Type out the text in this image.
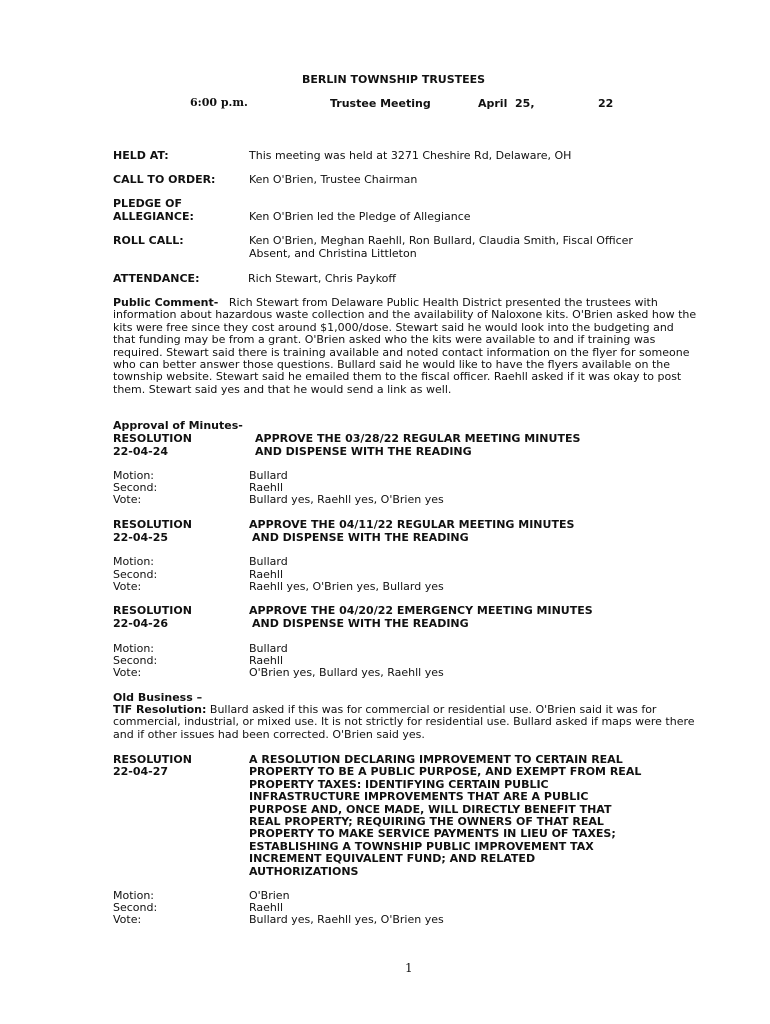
BERLIN TOWNSHIP TRUSTEES
6:00 p.m.	Trustee Meeting	April  25,	22
HELD AT:	This meeting was held at 3271 Cheshire Rd, Delaware, OH
CALL TO ORDER:	Ken O'Brien, Trustee Chairman
PLEDGE OF
ALLEGIANCE:	Ken O'Brien led the Pledge of Allegiance
ROLL CALL:	Ken O'Brien, Meghan Raehll, Ron Bullard, Claudia Smith, Fiscal Officer
Absent, and Christina Littleton
ATTENDANCE:	Rich Stewart, Chris Paykoff
Public Comment-   Rich Stewart from Delaware Public Health District presented the trustees with information about hazardous waste collection and the availability of Naloxone kits. O'Brien asked how the kits were free since they cost around $1,000/dose. Stewart said he would look into the budgeting and that funding may be from a grant. O'Brien asked who the kits were available to and if training was required. Stewart said there is training available and noted contact information on the flyer for someone who can better answer those questions. Bullard said he would like to have the flyers available on the township website. Stewart said he emailed them to the fiscal officer. Raehll asked if it was okay to post them. Stewart said yes and that he would send a link as well.
Approval of Minutes-
RESOLUTION	APPROVE THE 03/28/22 REGULAR MEETING MINUTES
22-04-24	AND DISPENSE WITH THE READING
Motion:	Bullard
Second:	Raehll
Vote:	Bullard yes, Raehll yes, O'Brien yes
RESOLUTION	APPROVE THE 04/11/22 REGULAR MEETING MINUTES
22-04-25	AND DISPENSE WITH THE READING
Motion:	Bullard
Second:	Raehll
Vote:	Raehll yes, O'Brien yes, Bullard yes
RESOLUTION	APPROVE THE 04/20/22 EMERGENCY MEETING MINUTES
22-04-26	AND DISPENSE WITH THE READING
Motion:	Bullard
Second:	Raehll
Vote:	O'Brien yes, Bullard yes, Raehll yes
Old Business –
TIF Resolution: Bullard asked if this was for commercial or residential use. O'Brien said it was for commercial, industrial, or mixed use. It is not strictly for residential use. Bullard asked if maps were there and if other issues had been corrected. O'Brien said yes.
RESOLUTION
22-04-27
A RESOLUTION DECLARING IMPROVEMENT TO CERTAIN REAL
PROPERTY TO BE A PUBLIC PURPOSE, AND EXEMPT FROM REAL
PROPERTY TAXES: IDENTIFYING CERTAIN PUBLIC
INFRASTRUCTURE IMPROVEMENTS THAT ARE A PUBLIC
PURPOSE AND, ONCE MADE, WILL DIRECTLY BENEFIT THAT
REAL PROPERTY; REQUIRING THE OWNERS OF THAT REAL
PROPERTY TO MAKE SERVICE PAYMENTS IN LIEU OF TAXES;
ESTABLISHING A TOWNSHIP PUBLIC IMPROVEMENT TAX
INCREMENT EQUIVALENT FUND; AND RELATED
AUTHORIZATIONS
Motion:	O'Brien
Second:	Raehll
Vote:	Bullard yes, Raehll yes, O'Brien yes
1
